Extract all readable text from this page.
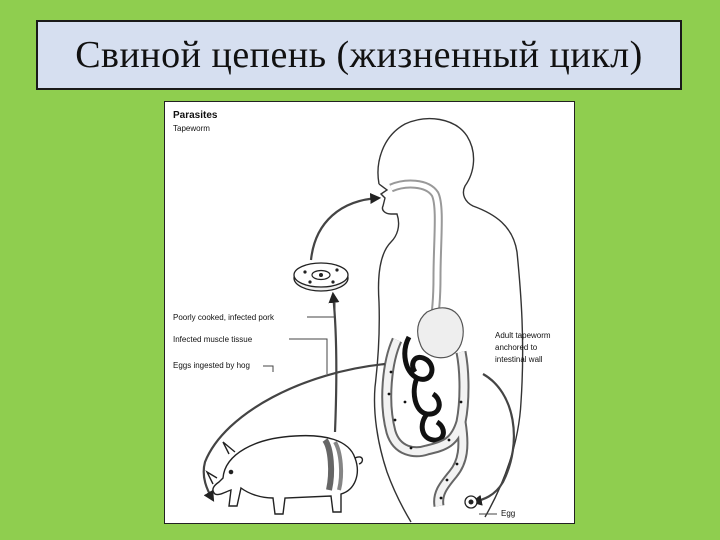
Свиной цепень (жизненный цикл)
Parasites
Tapeworm
Poorly cooked, infected pork
Infected muscle tissue
Eggs ingested by hog
Adult tapeworm
anchored to
intestinal wall
Egg
